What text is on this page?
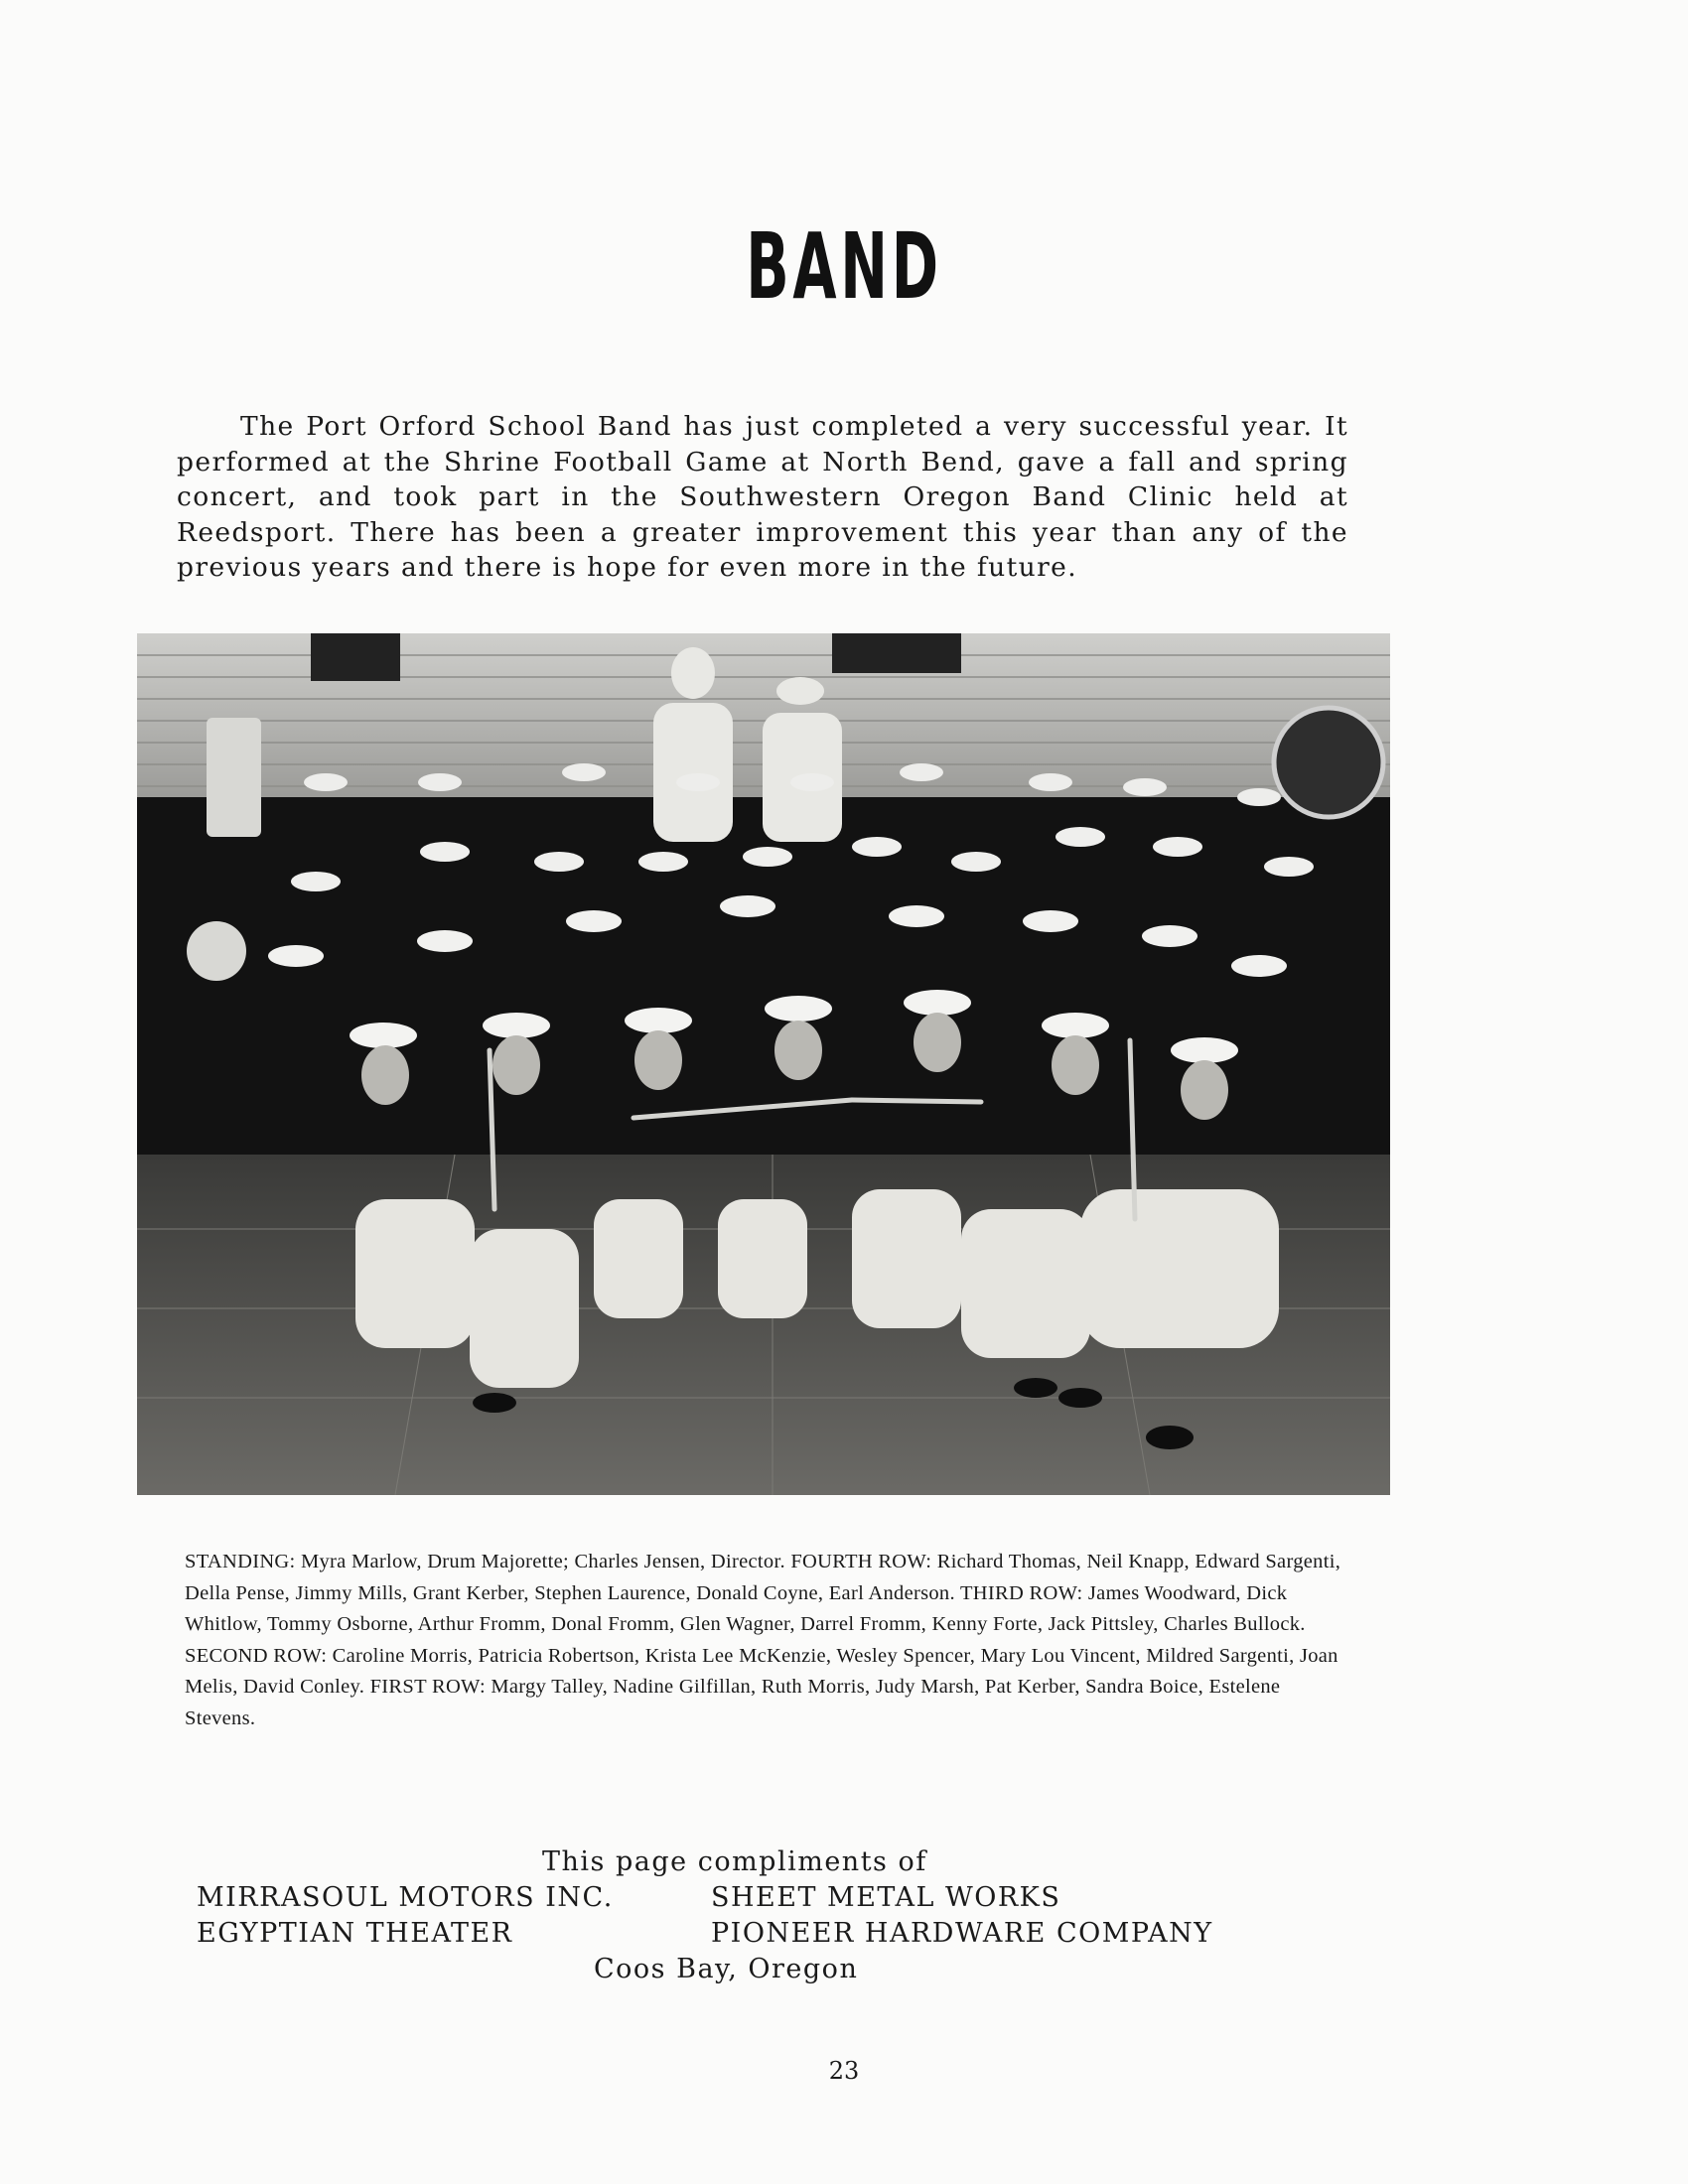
BAND

The Port Orford School Band has just completed a very successful year. It performed at the Shrine Football Game at North Bend, gave a fall and spring concert, and took part in the Southwestern Oregon Band Clinic held at Reedsport. There has been a greater improvement this year than any of the previous years and there is hope for even more in the future.

STANDING: Myra Marlow, Drum Majorette; Charles Jensen, Director. FOURTH ROW: Richard Thomas, Neil Knapp, Edward Sargenti, Della Pense, Jimmy Mills, Grant Kerber, Stephen Laurence, Donald Coyne, Earl Anderson. THIRD ROW: James Woodward, Dick Whitlow, Tommy Osborne, Arthur Fromm, Donal Fromm, Glen Wagner, Darrel Fromm, Kenny Forte, Jack Pittsley, Charles Bullock. SECOND ROW: Caroline Morris, Patricia Robertson, Krista Lee McKenzie, Wesley Spencer, Mary Lou Vincent, Mildred Sargenti, Joan Melis, David Conley. FIRST ROW: Margy Talley, Nadine Gilfillan, Ruth Morris, Judy Marsh, Pat Kerber, Sandra Boice, Estelene Stevens.

This page compliments of
MIRRASOUL MOTORS INC.	SHEET METAL WORKS
EGYPTIAN THEATER	PIONEER HARDWARE COMPANY
Coos Bay, Oregon
23
